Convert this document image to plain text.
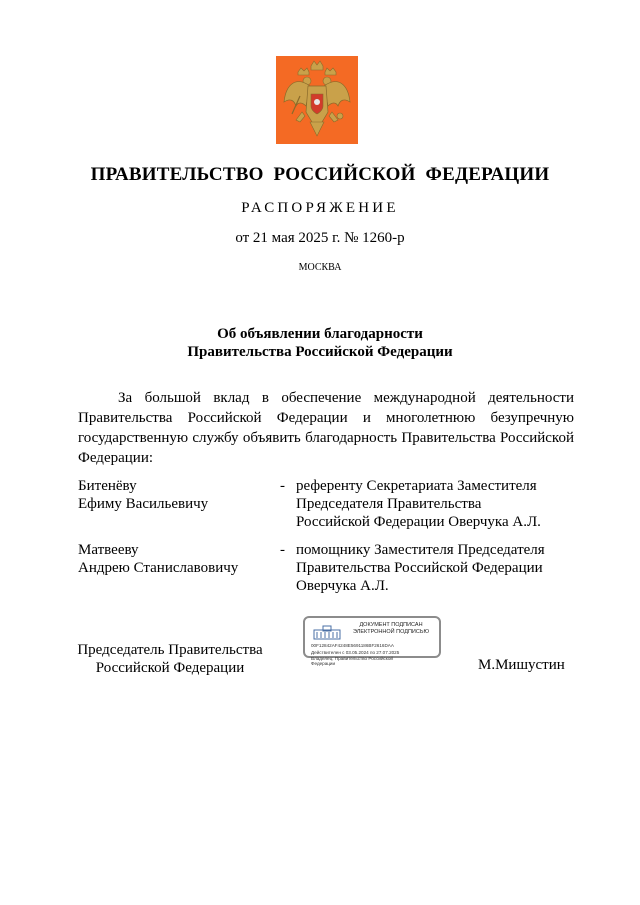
ПРАВИТЕЛЬСТВО РОССИЙСКОЙ ФЕДЕРАЦИИ
РАСПОРЯЖЕНИЕ
от 21 мая 2025 г. № 1260-р
МОСКВА
Об объявлении благодарности
Правительства Российской Федерации

За большой вклад в обеспечение международной деятельности Правительства Российской Федерации и многолетнюю безупречную государственную службу объявить благодарность Правительства Российской Федерации:

Битенёву
Ефиму Васильевичу
- референту Секретариата Заместителя
Председателя Правительства
Российской Федерации Оверчука А.Л.
Матвееву
Андрею Станиславовичу
- помощнику Заместителя Председателя
Правительства Российской Федерации
Оверчука А.Л.
Председатель Правительства
Российской Федерации
ДОКУМЕНТ ПОДПИСАН
ЭЛЕКТРОННОЙ ПОДПИСЬЮ
00F12842AF4248E5691186BF2616DAA
Действителен с 03.05.2024 по 27.07.2025
Владелец: Правительство Российской
Федерации	М.Мишустин
